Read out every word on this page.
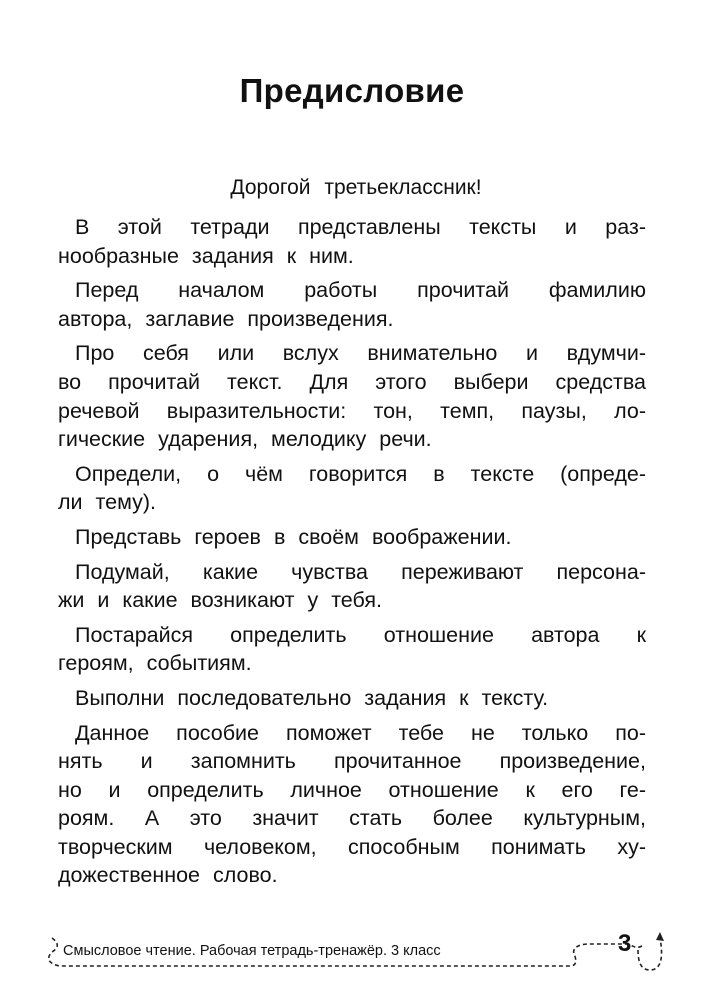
Предисловие
Дорогой третьеклассник!
В этой тетради представлены тексты и раз-
нообразные задания к ним.
Перед началом работы прочитай фамилию
автора, заглавие произведения.
Про себя или вслух внимательно и вдумчи-
во прочитай текст. Для этого выбери средства
речевой выразительности: тон, темп, паузы, ло-
гические ударения, мелодику речи.
Определи, о чём говорится в тексте (опреде-
ли тему).
Представь героев в своём воображении.
Подумай, какие чувства переживают персона-
жи и какие возникают у тебя.
Постарайся определить отношение автора к
героям, событиям.
Выполни последовательно задания к тексту.
Данное пособие поможет тебе не только по-
нять и запомнить прочитанное произведение,
но и определить личное отношение к его ге-
роям. А это значит стать более культурным,
творческим человеком, способным понимать ху-
дожественное слово.
Смысловое чтение. Рабочая тетрадь-тренажёр. 3 класс	3
